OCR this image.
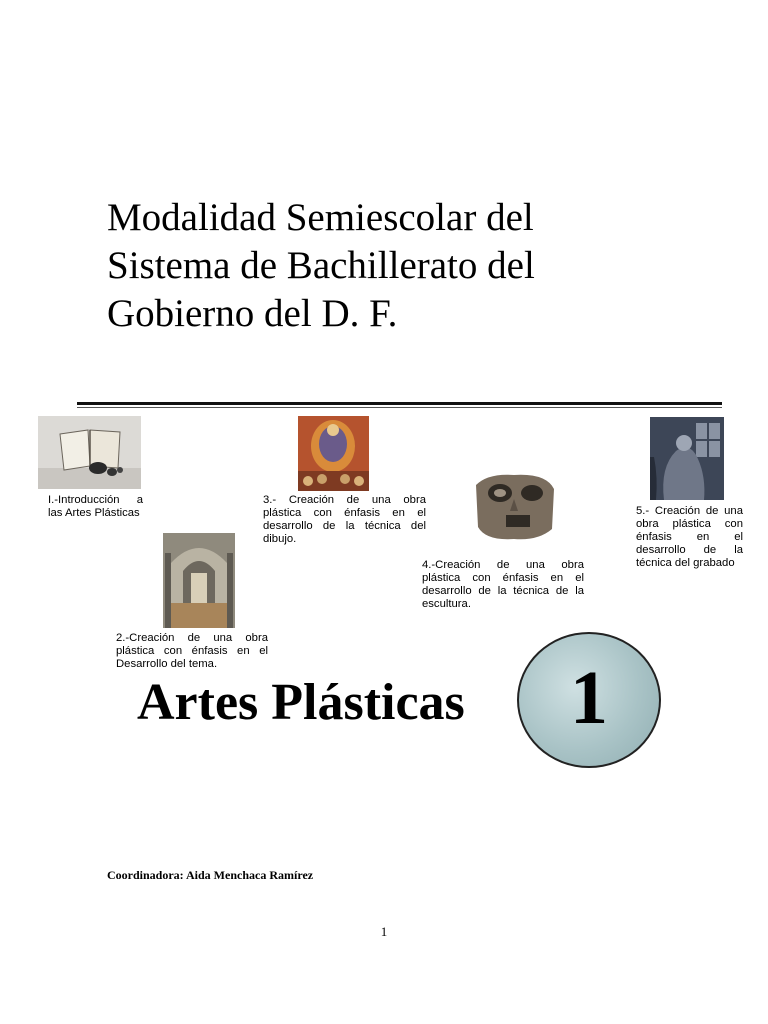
Modalidad Semiescolar del
Sistema de Bachillerato del
Gobierno del D. F.
I.-Introducción a las Artes Plásticas
2.-Creación de una obra plástica con énfasis en el Desarrollo del tema.
3.- Creación de una obra plástica con énfasis en el desarrollo de la técnica del dibujo.
4.-Creación de una obra plástica con énfasis en el desarrollo de la técnica de la escultura.
5.- Creación de una obra plástica con énfasis en el desarrollo de la técnica del grabado
Artes Plásticas 1
Coordinadora: Aida Menchaca Ramírez
1
